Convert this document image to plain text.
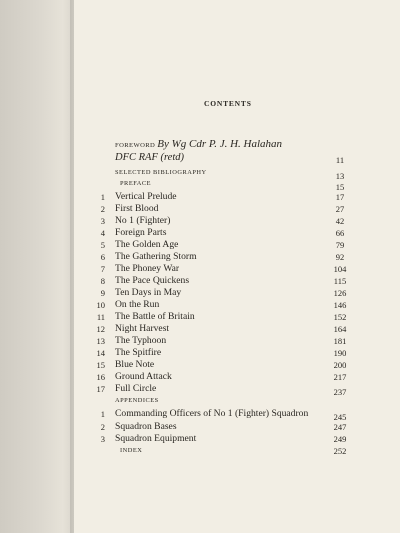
CONTENTS
FOREWORD By Wg Cdr P. J. H. Halahan
DFC RAF (retd)	11
SELECTED BIBLIOGRAPHY	13
PREFACE	15
1 Vertical Prelude	17
2 First Blood	27
3 No 1 (Fighter)	42
4 Foreign Parts	66
5 The Golden Age	79
6 The Gathering Storm	92
7 The Phoney War	104
8 The Pace Quickens	115
9 Ten Days in May	126
10 On the Run	146
11 The Battle of Britain	152
12 Night Harvest	164
13 The Typhoon	181
14 The Spitfire	190
15 Blue Note	200
16 Ground Attack	217
17 Full Circle	237
APPENDICES
1 Commanding Officers of No 1 (Fighter) Squadron	245
2 Squadron Bases	247
3 Squadron Equipment	249
INDEX	252
